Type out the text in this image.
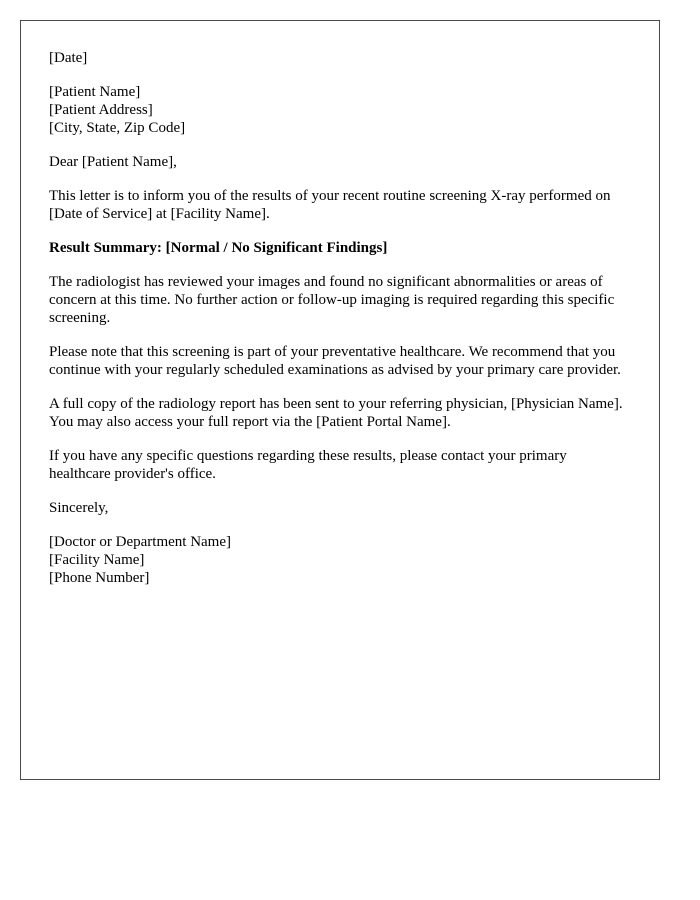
[Date]
[Patient Name]
[Patient Address]
[City, State, Zip Code]

Dear [Patient Name],

This letter is to inform you of the results of your recent routine screening X-ray performed on [Date of Service] at [Facility Name].

Result Summary: [Normal / No Significant Findings]

The radiologist has reviewed your images and found no significant abnormalities or areas of concern at this time. No further action or follow-up imaging is required regarding this specific screening.

Please note that this screening is part of your preventative healthcare. We recommend that you continue with your regularly scheduled examinations as advised by your primary care provider.

A full copy of the radiology report has been sent to your referring physician, [Physician Name]. You may also access your full report via the [Patient Portal Name].

If you have any specific questions regarding these results, please contact your primary healthcare provider's office.

Sincerely,

[Doctor or Department Name]
[Facility Name]
[Phone Number]
